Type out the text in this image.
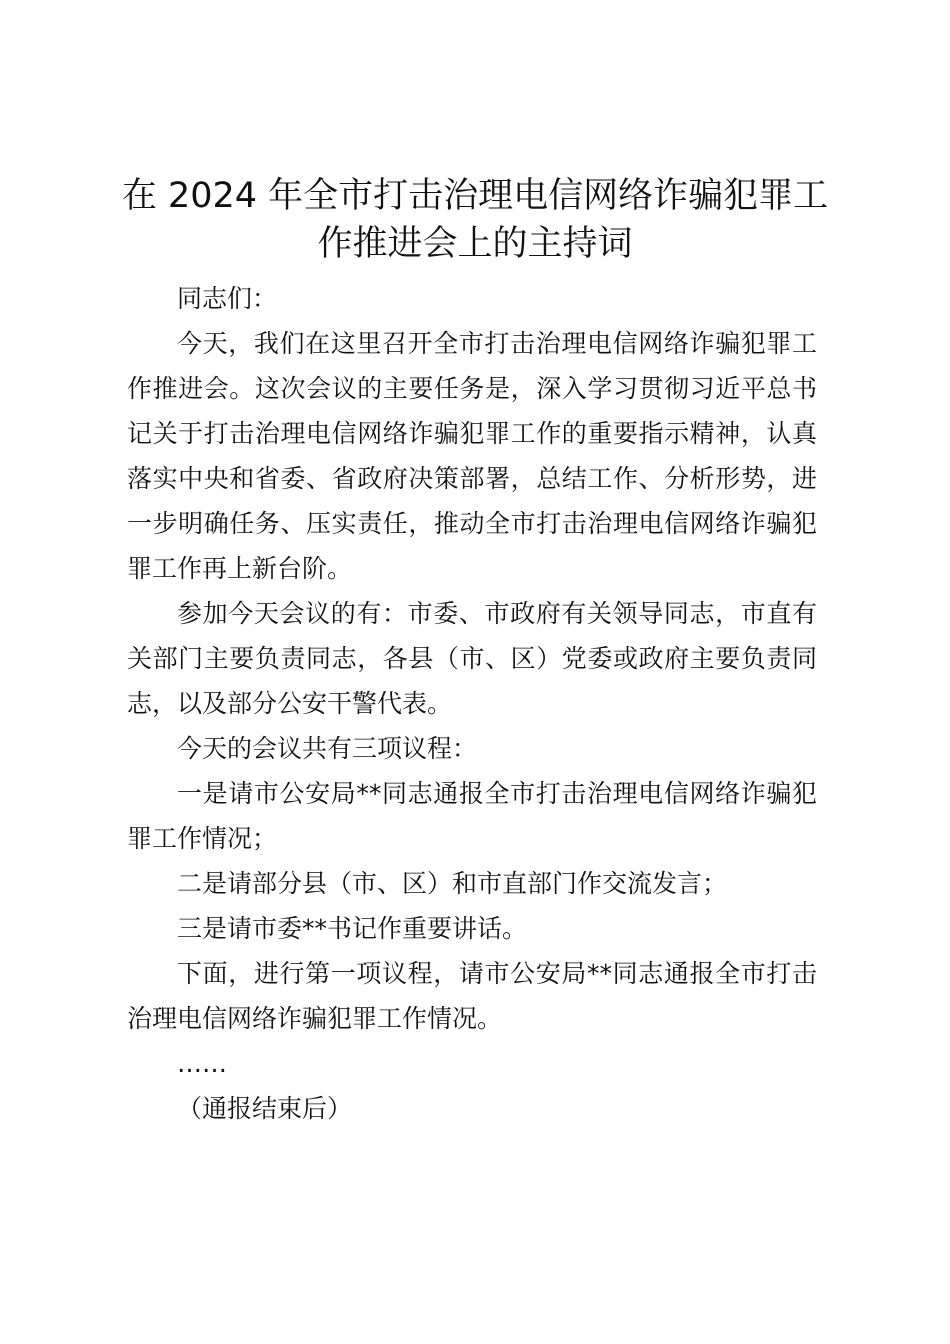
在 2024 年全市打击治理电信网络诈骗犯罪工作推进会上的主持词

同志们：

今天，我们在这里召开全市打击治理电信网络诈骗犯罪工作推进会。这次会议的主要任务是，深入学习贯彻习近平总书记关于打击治理电信网络诈骗犯罪工作的重要指示精神，认真落实中央和省委、省政府决策部署，总结工作、分析形势，进一步明确任务、压实责任，推动全市打击治理电信网络诈骗犯罪工作再上新台阶。

参加今天会议的有：市委、市政府有关领导同志，市直有关部门主要负责同志，各县（市、区）党委或政府主要负责同志，以及部分公安干警代表。

今天的会议共有三项议程：

一是请市公安局**同志通报全市打击治理电信网络诈骗犯罪工作情况；

二是请部分县（市、区）和市直部门作交流发言；

三是请市委**书记作重要讲话。

下面，进行第一项议程，请市公安局**同志通报全市打击治理电信网络诈骗犯罪工作情况。

……

（通报结束后）
